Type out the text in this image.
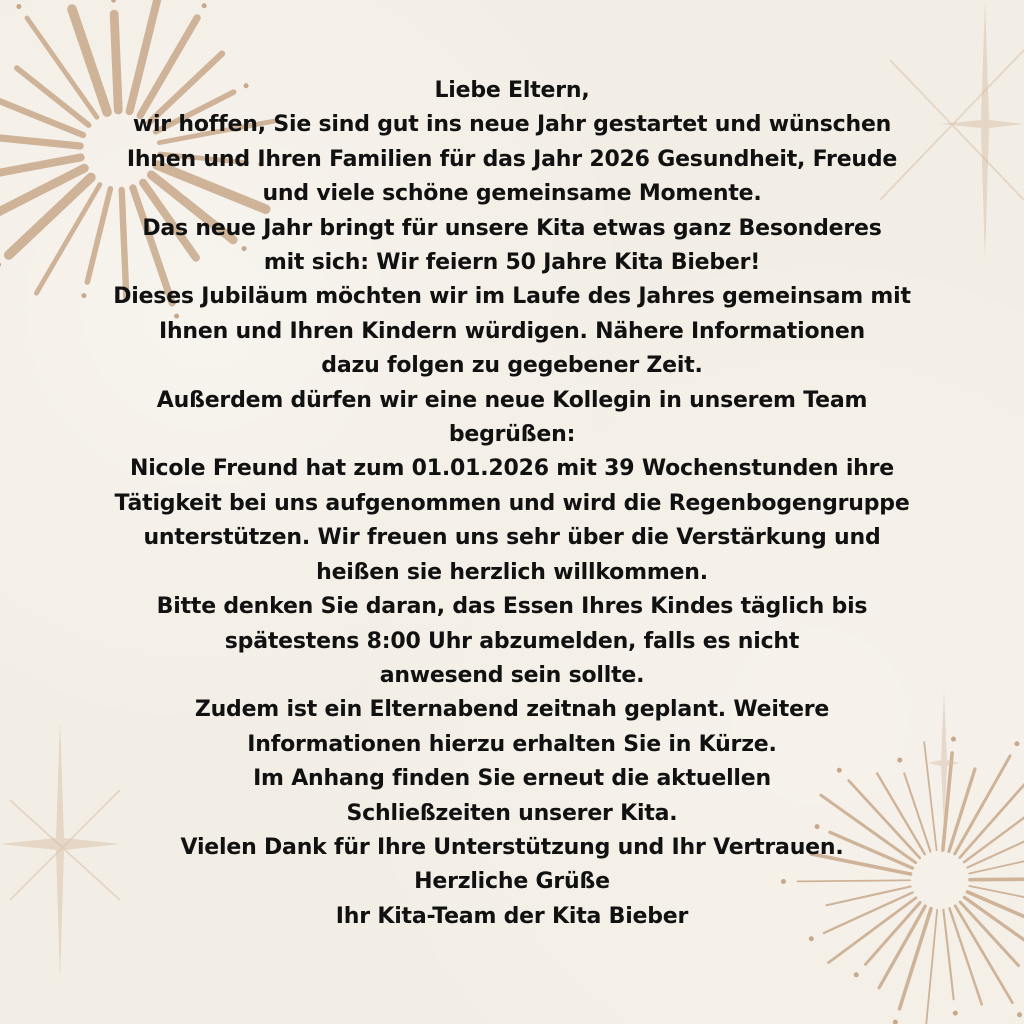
Liebe Eltern,
wir hoffen, Sie sind gut ins neue Jahr gestartet und wünschen
Ihnen und Ihren Familien für das Jahr 2026 Gesundheit, Freude
und viele schöne gemeinsame Momente.
Das neue Jahr bringt für unsere Kita etwas ganz Besonderes
mit sich: Wir feiern 50 Jahre Kita Bieber!
Dieses Jubiläum möchten wir im Laufe des Jahres gemeinsam mit
Ihnen und Ihren Kindern würdigen. Nähere Informationen
dazu folgen zu gegebener Zeit.
Außerdem dürfen wir eine neue Kollegin in unserem Team
begrüßen:
Nicole Freund hat zum 01.01.2026 mit 39 Wochenstunden ihre
Tätigkeit bei uns aufgenommen und wird die Regenbogengruppe
unterstützen. Wir freuen uns sehr über die Verstärkung und
heißen sie herzlich willkommen.
Bitte denken Sie daran, das Essen Ihres Kindes täglich bis
spätestens 8:00 Uhr abzumelden, falls es nicht
anwesend sein sollte.
Zudem ist ein Elternabend zeitnah geplant. Weitere
Informationen hierzu erhalten Sie in Kürze.
Im Anhang finden Sie erneut die aktuellen
Schließzeiten unserer Kita.
Vielen Dank für Ihre Unterstützung und Ihr Vertrauen.
Herzliche Grüße
Ihr Kita-Team der Kita Bieber
